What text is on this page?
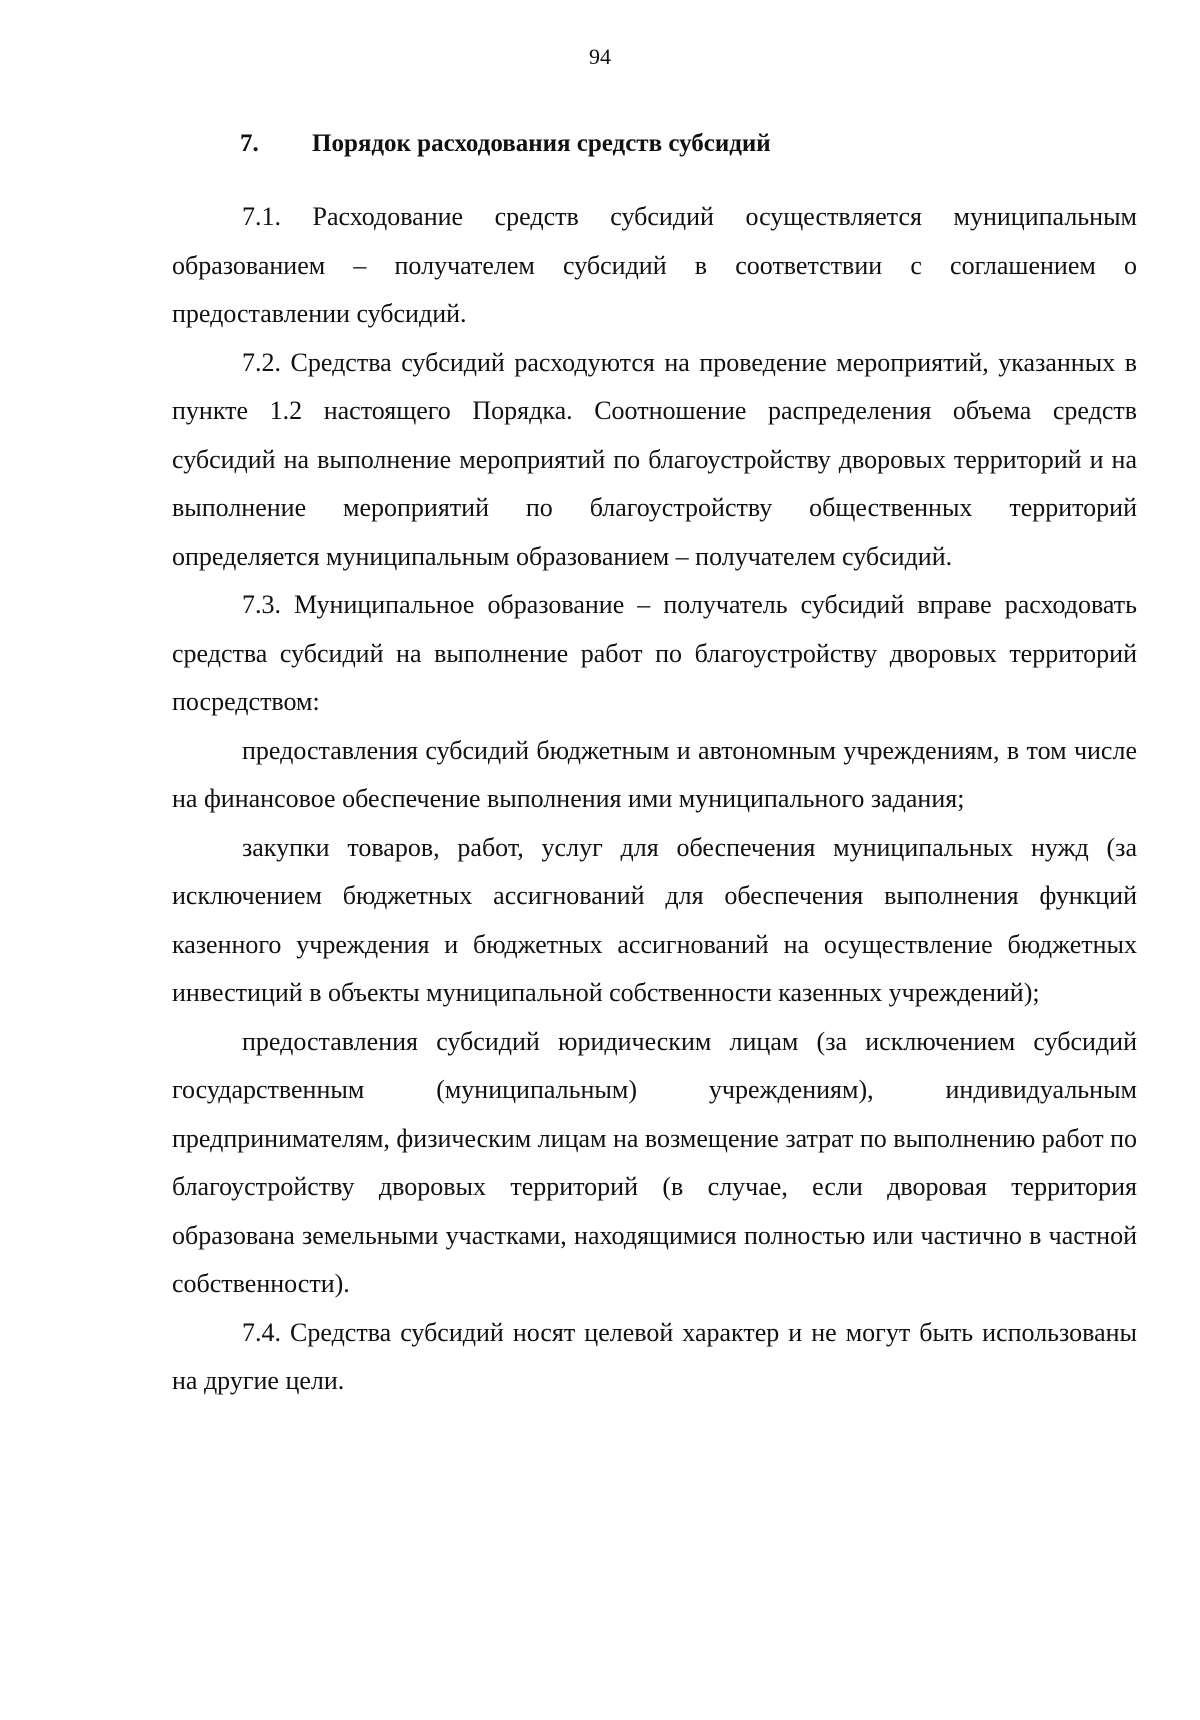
94
7. Порядок расходования средств субсидий

7.1. Расходование средств субсидий осуществляется муниципальным образованием – получателем субсидий в соответствии с соглашением о предоставлении субсидий.

7.2. Средства субсидий расходуются на проведение мероприятий, указанных в пункте 1.2 настоящего Порядка. Соотношение распределения объема средств субсидий на выполнение мероприятий по благоустройству дворовых территорий и на выполнение мероприятий по благоустройству общественных территорий определяется муниципальным образованием – получателем субсидий.

7.3. Муниципальное образование – получатель субсидий вправе расходовать средства субсидий на выполнение работ по благоустройству дворовых территорий посредством:

предоставления субсидий бюджетным и автономным учреждениям, в том числе на финансовое обеспечение выполнения ими муниципального задания;

закупки товаров, работ, услуг для обеспечения муниципальных нужд (за исключением бюджетных ассигнований для обеспечения выполнения функций казенного учреждения и бюджетных ассигнований на осуществление бюджетных инвестиций в объекты муниципальной собственности казенных учреждений);

предоставления субсидий юридическим лицам (за исключением субсидий государственным (муниципальным) учреждениям), индивидуальным предпринимателям, физическим лицам на возмещение затрат по выполнению работ по благоустройству дворовых территорий (в случае, если дворовая территория образована земельными участками, находящимися полностью или частично в частной собственности).

7.4. Средства субсидий носят целевой характер и не могут быть использованы на другие цели.
